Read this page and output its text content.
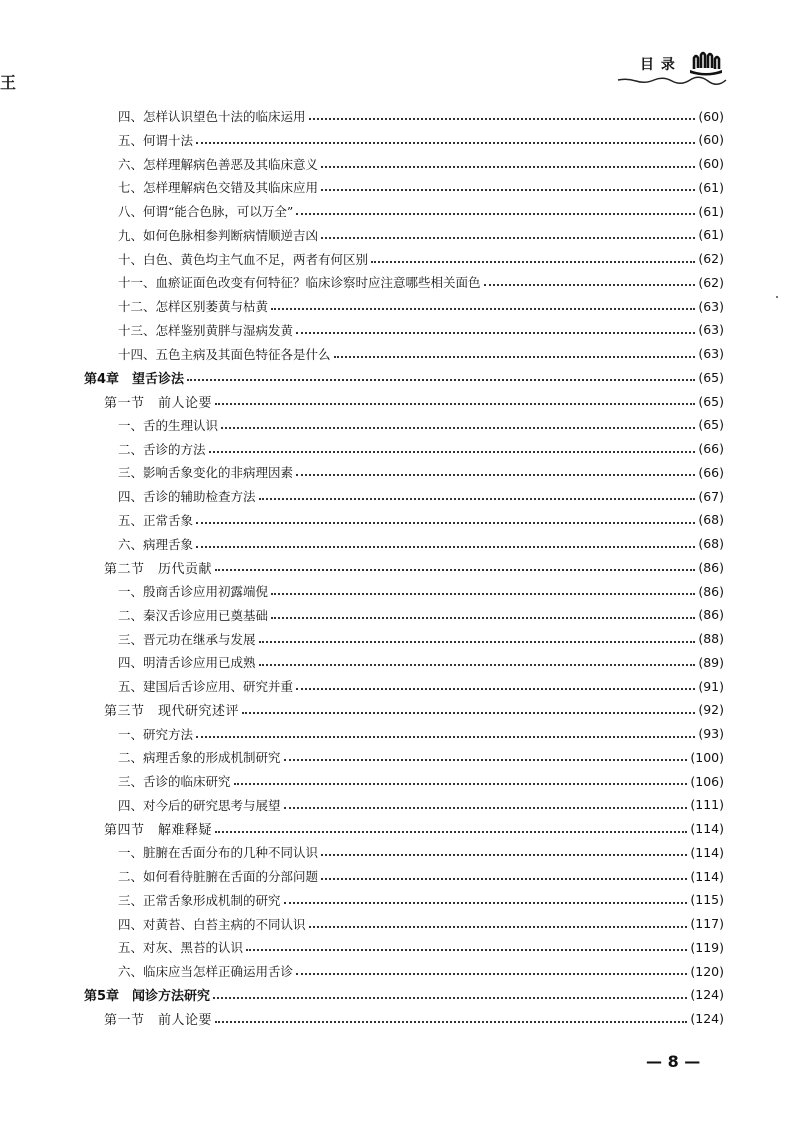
王
目 录
四、怎样认识望色十法的临床运用	(60)
五、何谓十法	(60)
六、怎样理解病色善恶及其临床意义	(60)
七、怎样理解病色交错及其临床应用	(61)
八、何谓“能合色脉，可以万全”	(61)
九、如何色脉相参判断病情顺逆吉凶	(61)
十、白色、黄色均主气血不足，两者有何区别	(62)
十一、血瘀证面色改变有何特征？临床诊察时应注意哪些相关面色	(62)
十二、怎样区别萎黄与枯黄	(63)
十三、怎样鉴别黄胖与湿病发黄	(63)
十四、五色主病及其面色特征各是什么	(63)
第4章　望舌诊法	(65)
第一节　前人论要	(65)
一、舌的生理认识	(65)
二、舌诊的方法	(66)
三、影响舌象变化的非病理因素	(66)
四、舌诊的辅助检查方法	(67)
五、正常舌象	(68)
六、病理舌象	(68)
第二节　历代贡献	(86)
一、殷商舌诊应用初露端倪	(86)
二、秦汉舌诊应用已奠基础	(86)
三、晋元功在继承与发展	(88)
四、明清舌诊应用已成熟	(89)
五、建国后舌诊应用、研究并重	(91)
第三节　现代研究述评	(92)
一、研究方法	(93)
二、病理舌象的形成机制研究	(100)
三、舌诊的临床研究	(106)
四、对今后的研究思考与展望	(111)
第四节　解难释疑	(114)
一、脏腑在舌面分布的几种不同认识	(114)
二、如何看待脏腑在舌面的分部问题	(114)
三、正常舌象形成机制的研究	(115)
四、对黄苔、白苔主病的不同认识	(117)
五、对灰、黑苔的认识	(119)
六、临床应当怎样正确运用舌诊	(120)
第5章　闻诊方法研究	(124)
第一节　前人论要	(124)
— 8 —
